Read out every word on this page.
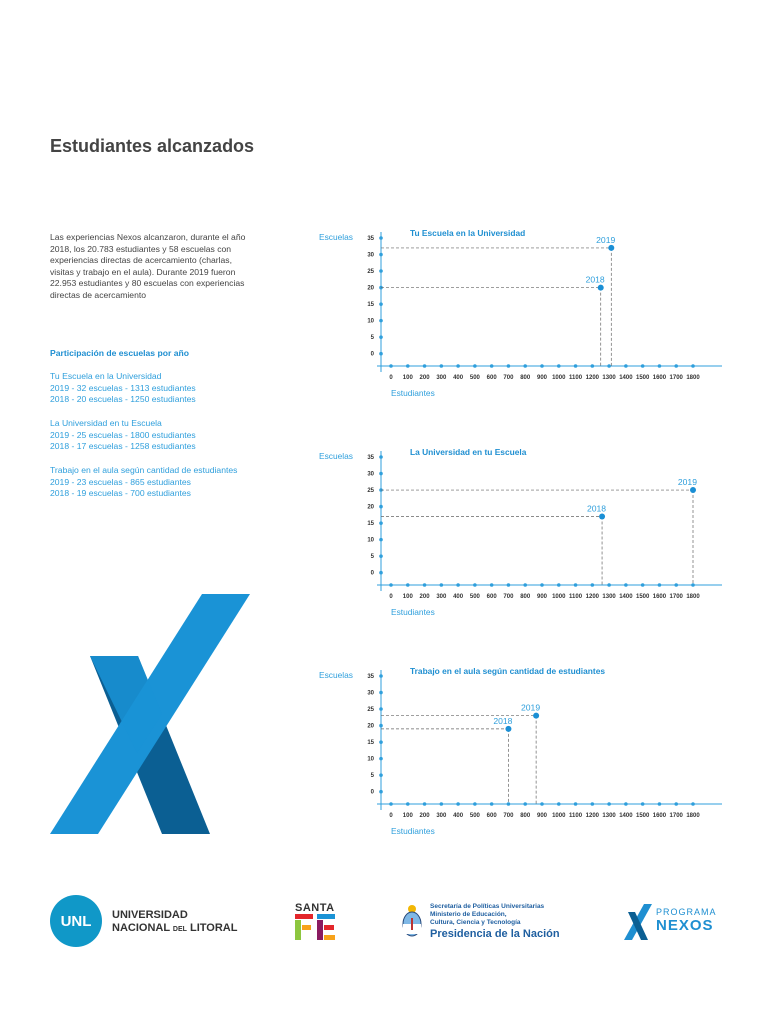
Estudiantes alcanzados
Las experiencias Nexos alcanzaron, durante el año 2018, los 20.783 estudiantes y 58 escuelas con experiencias directas de acercamiento (charlas, visitas y trabajo en el aula). Durante 2019 fueron 22.953 estudiantes y 80 escuelas con experiencias directas de acercamiento
Participación de escuelas por año
Tu Escuela en la Universidad
2019 - 32 escuelas - 1313 estudiantes
2018 - 20 escuelas - 1250 estudiantes
La Universidad en tu Escuela
2019 - 25 escuelas - 1800 estudiantes
2018 - 17 escuelas - 1258 estudiantes
Trabajo en el aula según cantidad de estudiantes
2019 - 23 escuelas - 865 estudiantes
2018 - 19 escuelas - 700 estudiantes
Escuelas	Tu Escuela en la Universidad
35
30
25
20
15
10
5
0
0 100 200 300 400 500 600 700 800 900 1000 1100 1200 1300 1400 1500 1600 1700 1800
2018
2019
Estudiantes
Escuelas	La Universidad en tu Escuela
35
30
25
20
15
10
5
0
0 100 200 300 400 500 600 700 800 900 1000 1100 1200 1300 1400 1500 1600 1700 1800
2018
2019
Estudiantes
Escuelas	Trabajo en el aula según cantidad de estudiantes
35
30
25
20
15
10
5
0
0 100 200 300 400 500 600 700 800 900 1000 1100 1200 1300 1400 1500 1600 1700 1800
2018
2019
Estudiantes
UNL	UNIVERSIDAD
NACIONAL DEL LITORAL
SANTA	Secretaría de Políticas Universitarias
Ministerio de Educación,
Cultura, Ciencia y Tecnología
Presidencia de la Nación
PROGRAMA
NEXOS
